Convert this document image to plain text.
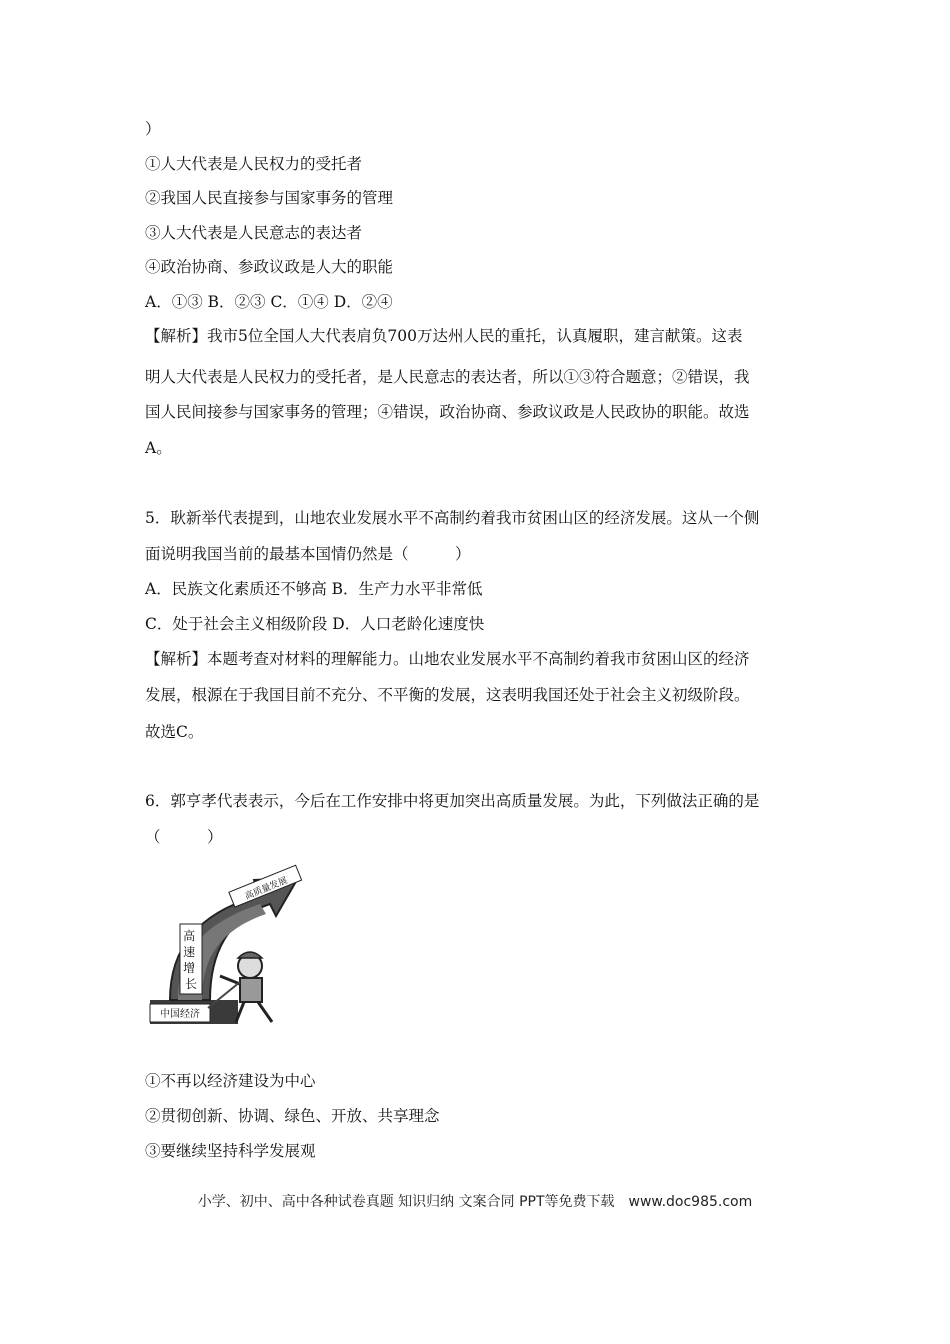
）
①人大代表是人民权力的受托者
②我国人民直接参与国家事务的管理
③人大代表是人民意志的表达者
④政治协商、参政议政是人大的职能
A．①③ B．②③ C．①④ D．②④
【解析】我市5位全国人大代表肩负700万达州人民的重托，认真履职，建言献策。这表
明人大代表是人民权力的受托者，是人民意志的表达者，所以①③符合题意；②错误，我
国人民间接参与国家事务的管理；④错误，政治协商、参政议政是人民政协的职能。故选
A。
5．耿新举代表提到，山地农业发展水平不高制约着我市贫困山区的经济发展。这从一个侧
面说明我国当前的最基本国情仍然是（　　　）
A．民族文化素质还不够高 B．生产力水平非常低
C．处于社会主义相级阶段 D．人口老龄化速度快
【解析】本题考查对材料的理解能力。山地农业发展水平不高制约着我市贫困山区的经济
发展，根源在于我国目前不充分、不平衡的发展，这表明我国还处于社会主义初级阶段。
故选C。
6．郭亨孝代表表示，今后在工作安排中将更加突出高质量发展。为此，下列做法正确的是
（　　　）
中国经济
高质量发展
高 速 增 长
①不再以经济建设为中心
②贯彻创新、协调、绿色、开放、共享理念
③要继续坚持科学发展观
小学、初中、高中各种试卷真题 知识归纳 文案合同 PPT等免费下载　www.doc985.com
